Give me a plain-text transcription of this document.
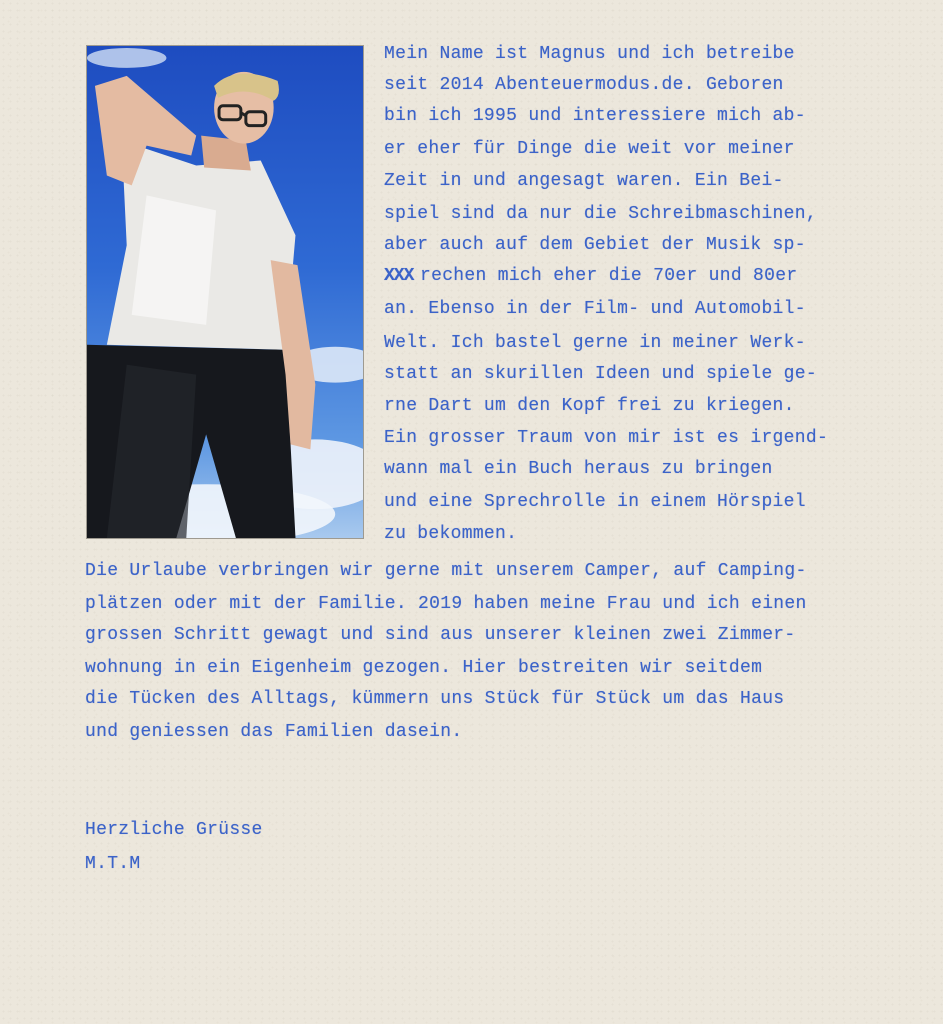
Mein Name ist Magnus und ich betreibe
seit 2014 Abenteuermodus.de. Geboren
bin ich 1995 und interessiere mich ab-
er eher für Dinge die weit vor meiner
Zeit in und angesagt waren. Ein Bei-
spiel sind da nur die Schreibmaschinen,
aber auch auf dem Gebiet der Musik sp-
XXX rechen mich eher die 70er und 80er
an. Ebenso in der Film- und Automobil-
Welt. Ich bastel gerne in meiner Werk-
statt an skurillen Ideen und spiele ge-
rne Dart um den Kopf frei zu kriegen.
Ein grosser Traum von mir ist es irgend-
wann mal ein Buch heraus zu bringen
und eine Sprechrolle in einem Hörspiel
zu bekommen.
Die Urlaube verbringen wir gerne mit unserem Camper, auf Camping-
plätzen oder mit der Familie. 2019 haben meine Frau und ich einen
grossen Schritt gewagt und sind aus unserer kleinen zwei Zimmer-
wohnung in ein Eigenheim gezogen. Hier bestreiten wir seitdem
die Tücken des Alltags, kümmern uns Stück für Stück um das Haus
und geniessen das Familien dasein.
Herzliche Grüsse
M.T.M
